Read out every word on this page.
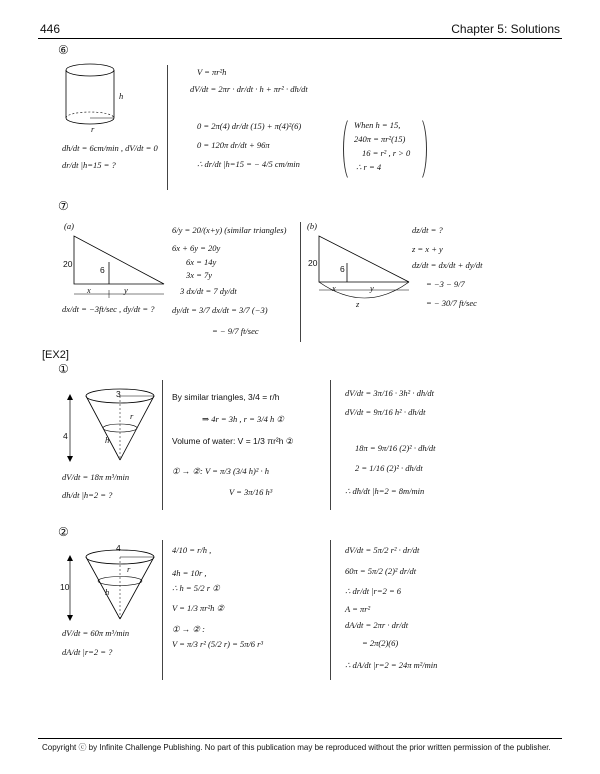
446	Chapter 5: Solutions
⑥
h
r
dh/dt = 6cm/min , dV/dt = 0
dr/dt |h=15 = ?
V = πr²h
dV/dt = 2πr · dr/dt · h + πr² · dh/dt
0 = 2π(4) dr/dt (15) + π(4)²(6)
0 = 120π dr/dt + 96π
∴ dr/dt |h=15 = − 4/5 cm/min
When h = 15,
240π = πr²(15)
16 = r² , r > 0
∴ r = 4
⑦
(a)
20
6
x	y
dx/dt = −3ft/sec , dy/dt = ?
6/y = 20/(x+y) (similar triangles)
6x + 6y = 20y
6x = 14y
3x = 7y
3 dx/dt = 7 dy/dt
dy/dt = 3/7 dx/dt = 3/7 (−3)
= − 9/7 ft/sec
(b)
20
6
x	y
z
dz/dt = ?
z = x + y
dz/dt = dx/dt + dy/dt
= −3 − 9/7
= − 30/7 ft/sec
[EX2]
①
3
4
r
h
dV/dt = 18π m³/min
dh/dt |h=2 = ?
By similar triangles, 3/4 = r/h
⇒ 4r = 3h , r = 3/4 h ①
Volume of water: V = 1/3 πr²h ②
① → ②: V = π/3 (3/4 h)² · h
V = 3π/16 h³
dV/dt = 3π/16 · 3h² · dh/dt
dV/dt = 9π/16 h² · dh/dt
18π = 9π/16 (2)² · dh/dt
2 = 1/16 (2)² · dh/dt
∴ dh/dt |h=2 = 8m/min
②
4
10
r
h
dV/dt = 60π m³/min
dA/dt |r=2 = ?
4/10 = r/h ,
4h = 10r ,
∴ h = 5/2 r ①
V = 1/3 πr²h ②
① → ② :
V = π/3 r² (5/2 r) = 5π/6 r³
dV/dt = 5π/2 r² · dr/dt
60π = 5π/2 (2)² dr/dt
∴ dr/dt |r=2 = 6
A = πr²
dA/dt = 2πr · dr/dt
= 2π(2)(6)
∴ dA/dt |r=2 = 24π m²/min
Copyright ⓒ by Infinite Challenge Publishing. No part of this publication may be reproduced without the prior written permission of the publisher.
